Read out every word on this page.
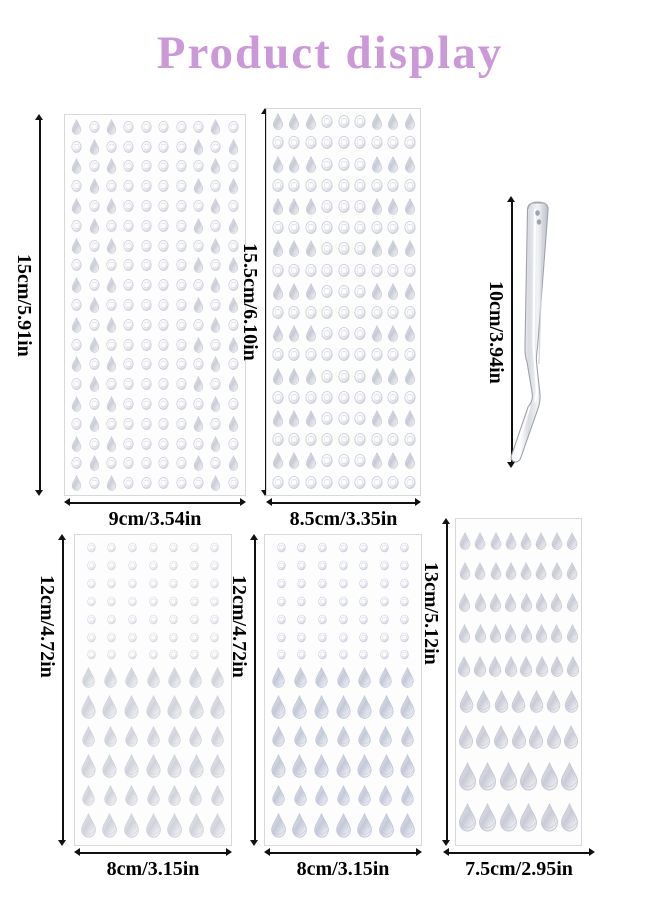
Product display
15cm/5.91in
9cm/3.54in
15.5cm/6.10in
8.5cm/3.35in
10cm/3.94in
12cm/4.72in
8cm/3.15in
12cm/4.72in
8cm/3.15in
13cm/5.12in
7.5cm/2.95in
